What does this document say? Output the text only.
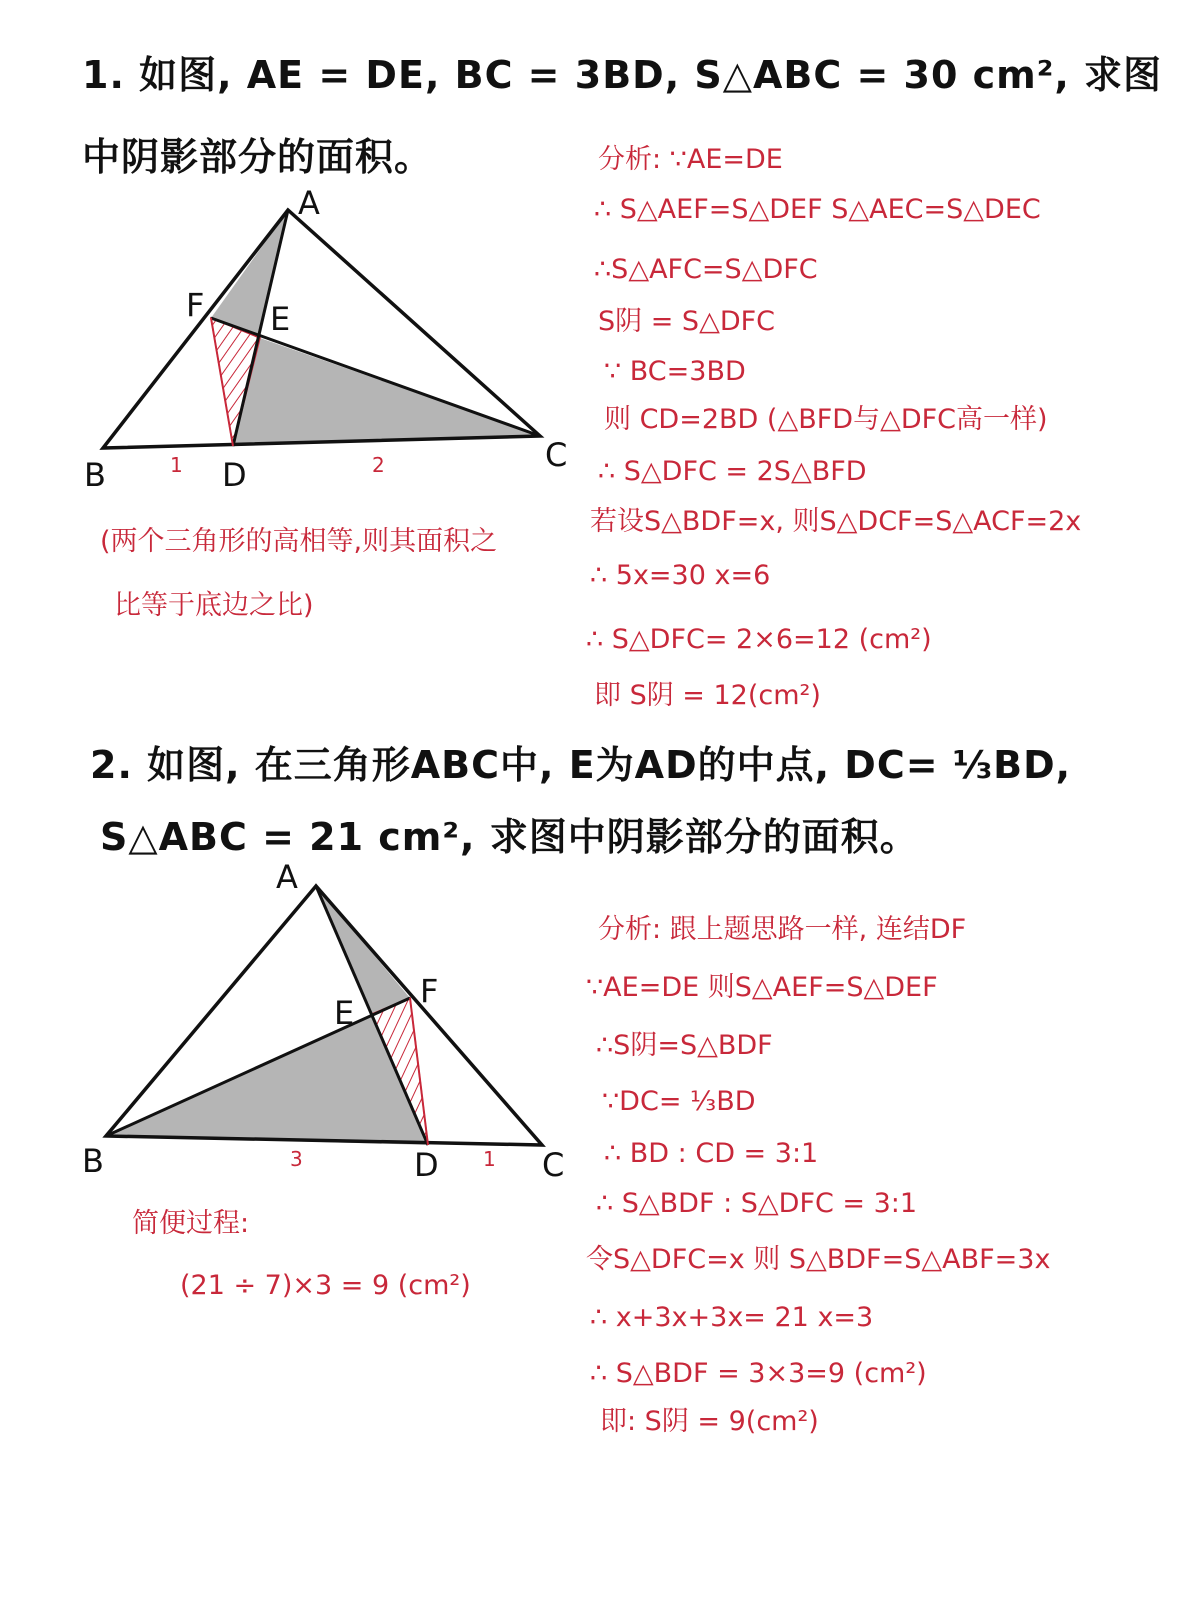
1. 如图, AE = DE, BC = 3BD, S△ABC = 30 cm², 求图
中阴影部分的面积。
A
F E
B	D
C
1	2
(两个三角形的高相等,则其面积之
比等于底边之比)
分析: ∵AE=DE
∴ S△AEF=S△DEF S△AEC=S△DEC
∴S△AFC=S△DFC
S阴 = S△DFC
∵ BC=3BD
则 CD=2BD (△BFD与△DFC高一样)
∴ S△DFC = 2S△BFD
若设S△BDF=x, 则S△DCF=S△ACF=2x
∴ 5x=30 x=6
∴ S△DFC= 2×6=12 (cm²)
即 S阴 = 12(cm²)
2. 如图, 在三角形ABC中, E为AD的中点, DC= ⅓BD,
S△ABC = 21 cm², 求图中阴影部分的面积。
A
E
F
B	D	C
3	1
简便过程:
(21 ÷ 7)×3 = 9 (cm²)
分析: 跟上题思路一样, 连结DF
∵AE=DE 则S△AEF=S△DEF
∴S阴=S△BDF
∵DC= ⅓BD
∴ BD : CD = 3:1
∴ S△BDF : S△DFC = 3:1
令S△DFC=x 则 S△BDF=S△ABF=3x
∴ x+3x+3x= 21 x=3
∴ S△BDF = 3×3=9 (cm²)
即: S阴 = 9(cm²)
